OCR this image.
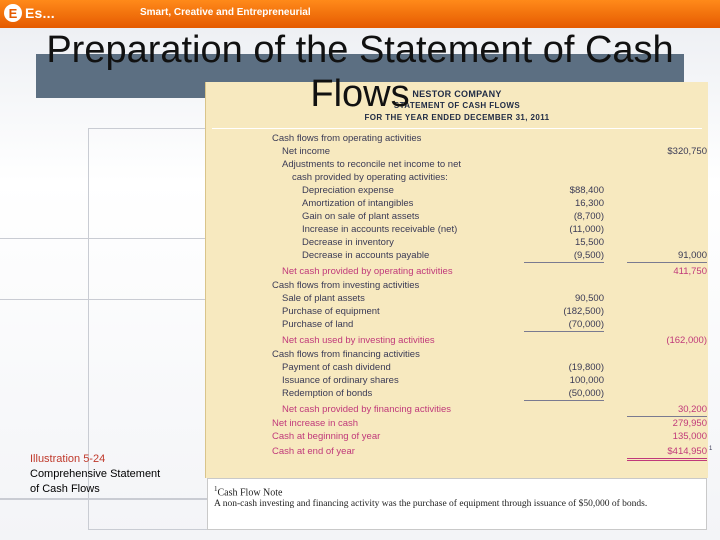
E Es...	Smart, Creative and Entrepreneurial
Preparation of the Statement of Cash Flows
Illustration 5-24
Comprehensive Statement
of Cash Flows
NESTOR COMPANY
STATEMENT OF CASH FLOWS
FOR THE YEAR ENDED DECEMBER 31, 2011
Cash flows from operating activities
Net income	$320,750
Adjustments to reconcile net income to net
cash provided by operating activities:
Depreciation expense	$88,400
Amortization of intangibles	16,300
Gain on sale of plant assets	(8,700)
Increase in accounts receivable (net)	(11,000)
Decrease in inventory	15,500
Decrease in accounts payable	(9,500)	91,000
Net cash provided by operating activities	411,750
Cash flows from investing activities
Sale of plant assets	90,500
Purchase of equipment	(182,500)
Purchase of land	(70,000)
Net cash used by investing activities	(162,000)
Cash flows from financing activities
Payment of cash dividend	(19,800)
Issuance of ordinary shares	100,000
Redemption of bonds	(50,000)
Net cash provided by financing activities	30,200
Net increase in cash	279,950
Cash at beginning of year	135,000
Cash at end of year	$414,950 1
$^1$Cash Flow Note
A non-cash investing and financing activity was the purchase of equipment through issuance of $50,000 of bonds.
